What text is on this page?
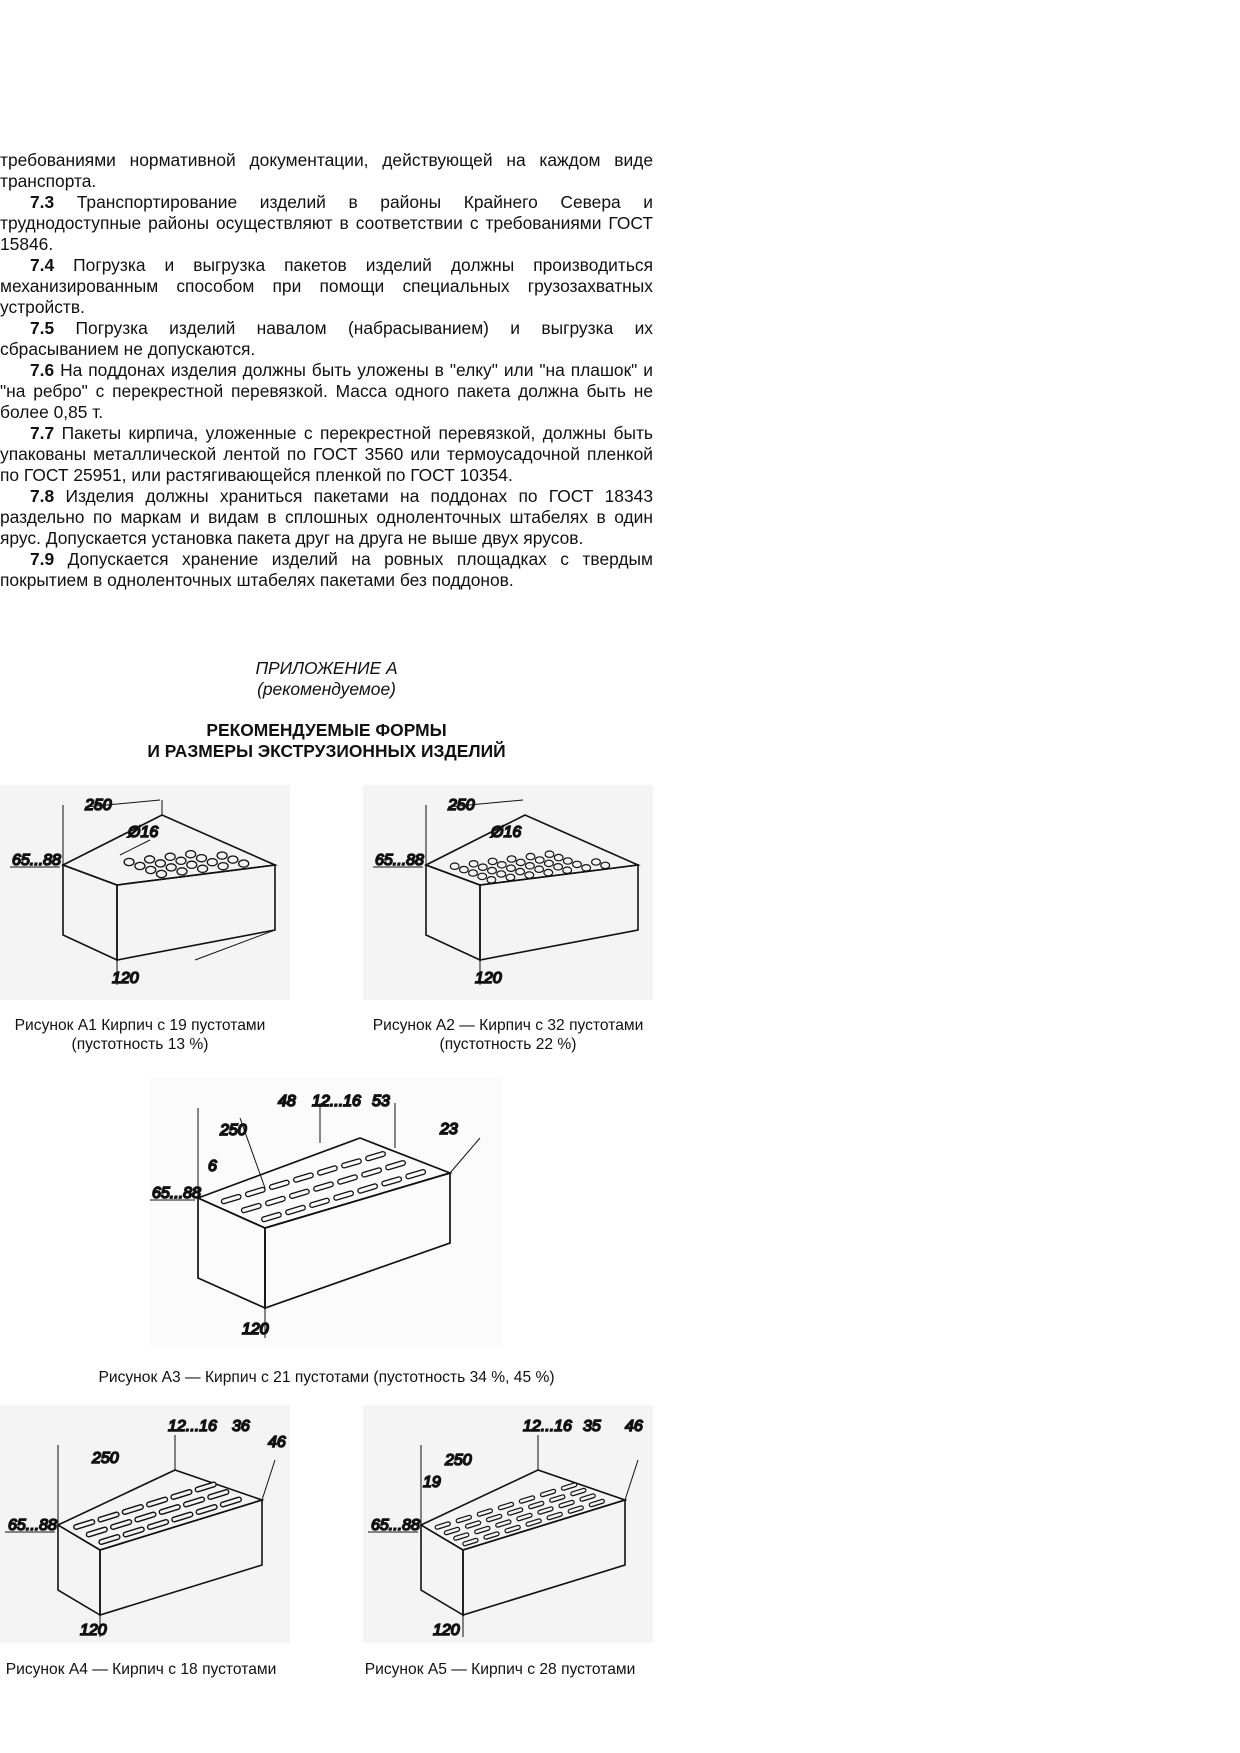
требованиями нормативной документации, действующей на каждом виде транспорта.

7.3 Транспортирование изделий в районы Крайнего Севера и труднодоступные районы осуществляют в соответствии с требованиями ГОСТ 15846.

7.4 Погрузка и выгрузка пакетов изделий должны производиться механизированным способом при помощи специальных грузозахватных устройств.

7.5 Погрузка изделий навалом (набрасыванием) и выгрузка их сбрасыванием не допускаются.

7.6 На поддонах изделия должны быть уложены в "елку" или "на плашок" и "на ребро" с перекрестной перевязкой. Масса одного пакета должна быть не более 0,85 т.

7.7 Пакеты кирпича, уложенные с перекрестной перевязкой, должны быть упакованы металлической лентой по ГОСТ 3560 или термоусадочной пленкой по ГОСТ 25951, или растягивающейся пленкой по ГОСТ 10354.

7.8 Изделия должны храниться пакетами на поддонах по ГОСТ 18343 раздельно по маркам и видам в сплошных одноленточных штабелях в один ярус. Допускается установка пакета друг на друга не выше двух ярусов.

7.9 Допускается хранение изделий на ровных площадках с твердым покрытием в одноленточных штабелях пакетами без поддонов.

ПРИЛОЖЕНИЕ А
(рекомендуемое)
РЕКОМЕНДУЕМЫЕ ФОРМЫ
И РАЗМЕРЫ ЭКСТРУЗИОННЫХ ИЗДЕЛИЙ
250
Ø16
65...88
120
Рисунок А1 Кирпич с 19 пустотами
(пустотность 13 %)
250
Ø16
65...88
120
Рисунок А2 — Кирпич с 32 пустотами
(пустотность 22 %)
48 12...16 53
250	23
6
65...88
120
Рисунок А3 — Кирпич с 21 пустотами (пустотность 34 %, 45 %)
250
12...16 36
46
65...88
120
Рисунок А4 — Кирпич с 18 пустотами
250
19
12...16 35 46
65...88
120
Рисунок А5 — Кирпич с 28 пустотами
